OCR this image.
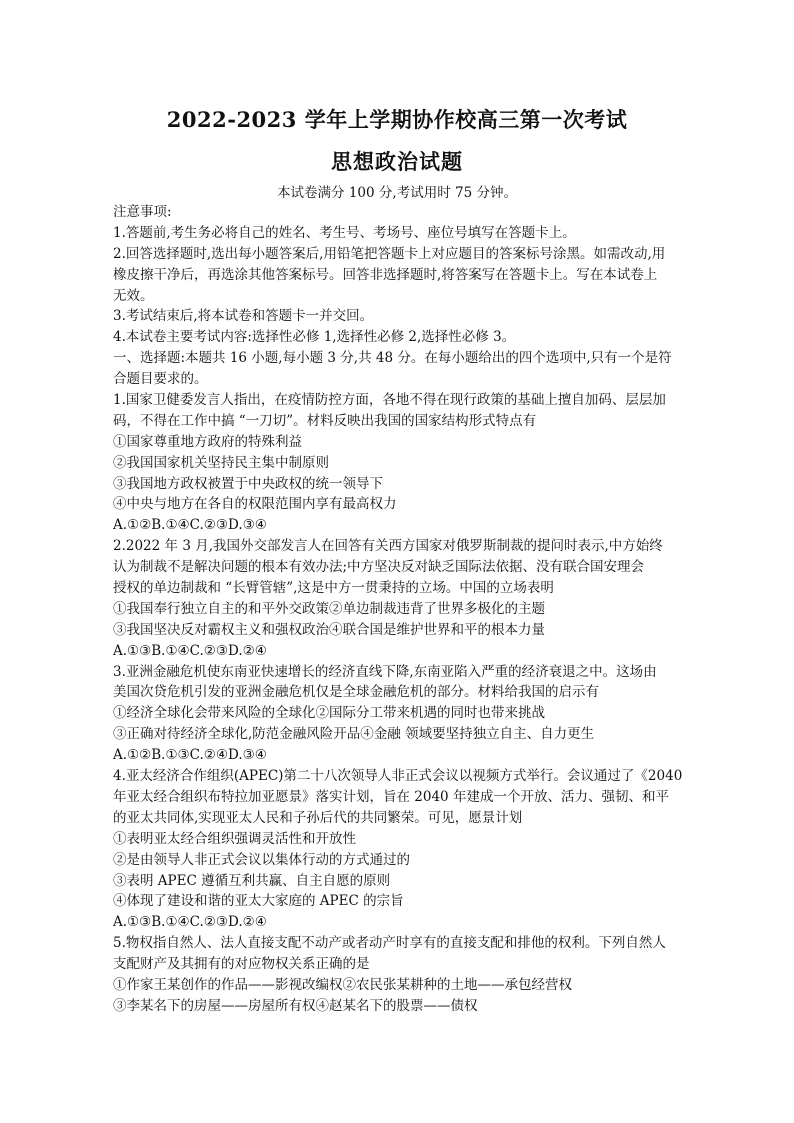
2022-2023 学年上学期协作校高三第一次考试
思想政治试题
本试卷满分 100 分,考试用时 75 分钟。
注意事项:
1.答题前,考生务必将自己的姓名、考生号、考场号、座位号填写在答题卡上。
2.回答选择题时,选出每小题答案后,用铅笔把答题卡上对应题目的答案标号涂黑。如需改动,用
橡皮擦干净后，再选涂其他答案标号。回答非选择题时,将答案写在答题卡上。写在本试卷上
无效。
3.考试结束后,将本试卷和答题卡一并交回。
4.本试卷主要考试内容:选择性必修 1,选择性必修 2,选择性必修 3。
一、选择题:本题共 16 小题,每小题 3 分,共 48 分。在每小题给出的四个选项中,只有一个是符
合题目要求的。
1.国家卫健委发言人指出，在疫情防控方面，各地不得在现行政策的基础上擅自加码、层层加
码，不得在工作中搞 “一刀切”。材料反映出我国的国家结构形式特点有
①国家尊重地方政府的特殊利益
②我国国家机关坚持民主集中制原则
③我国地方政权被置于中央政权的统一领导下
④中央与地方在各自的权限范围内享有最高权力
A.①②B.①④C.②③D.③④
2.2022 年 3 月,我国外交部发言人在回答有关西方国家对俄罗斯制裁的提问时表示,中方始终
认为制裁不是解决问题的根本有效办法;中方坚决反对缺乏国际法依据、没有联合国安理会
授权的单边制裁和 “长臂管辖”,这是中方一贯秉持的立场。中国的立场表明
①我国奉行独立自主的和平外交政策②单边制裁违背了世界多极化的主题
③我国坚决反对霸权主义和强权政治④联合国是维护世界和平的根本力量
A.①③B.①④C.②③D.②④
3.亚洲金融危机使东南亚快速增长的经济直线下降,东南亚陷入严重的经济衰退之中。这场由
美国次贷危机引发的亚洲金融危机仅是全球金融危机的部分。材料给我国的启示有
①经济全球化会带来风险的全球化②国际分工带来机遇的同时也带来挑战
③正确对待经济全球化,防范金融风险开品④金融 领域要坚持独立自主、自力更生
A.①②B.①③C.②④D.③④
4.亚太经济合作组织(APEC)第二十八次领导人非正式会议以视频方式举行。会议通过了《2040
年亚太经合组织布特拉加亚愿景》落实计划，旨在 2040 年建成一个开放、活力、强韧、和平
的亚太共同体,实现亚太人民和子孙后代的共同繁荣。可见，愿景计划
①表明亚太经合组织强调灵活性和开放性
②是由领导人非正式会议以集体行动的方式通过的
③表明 APEC 遵循互利共赢、自主自愿的原则
④体现了建设和谐的亚太大家庭的 APEC 的宗旨
A.①③B.①④C.②③D.②④
5.物权指自然人、法人直接支配不动产或者动产时享有的直接支配和排他的权利。下列自然人
支配财产及其拥有的对应物权关系正确的是
①作家王某创作的作品——影视改编权②农民张某耕种的土地——承包经营权
③李某名下的房屋——房屋所有权④赵某名下的股票——债权
